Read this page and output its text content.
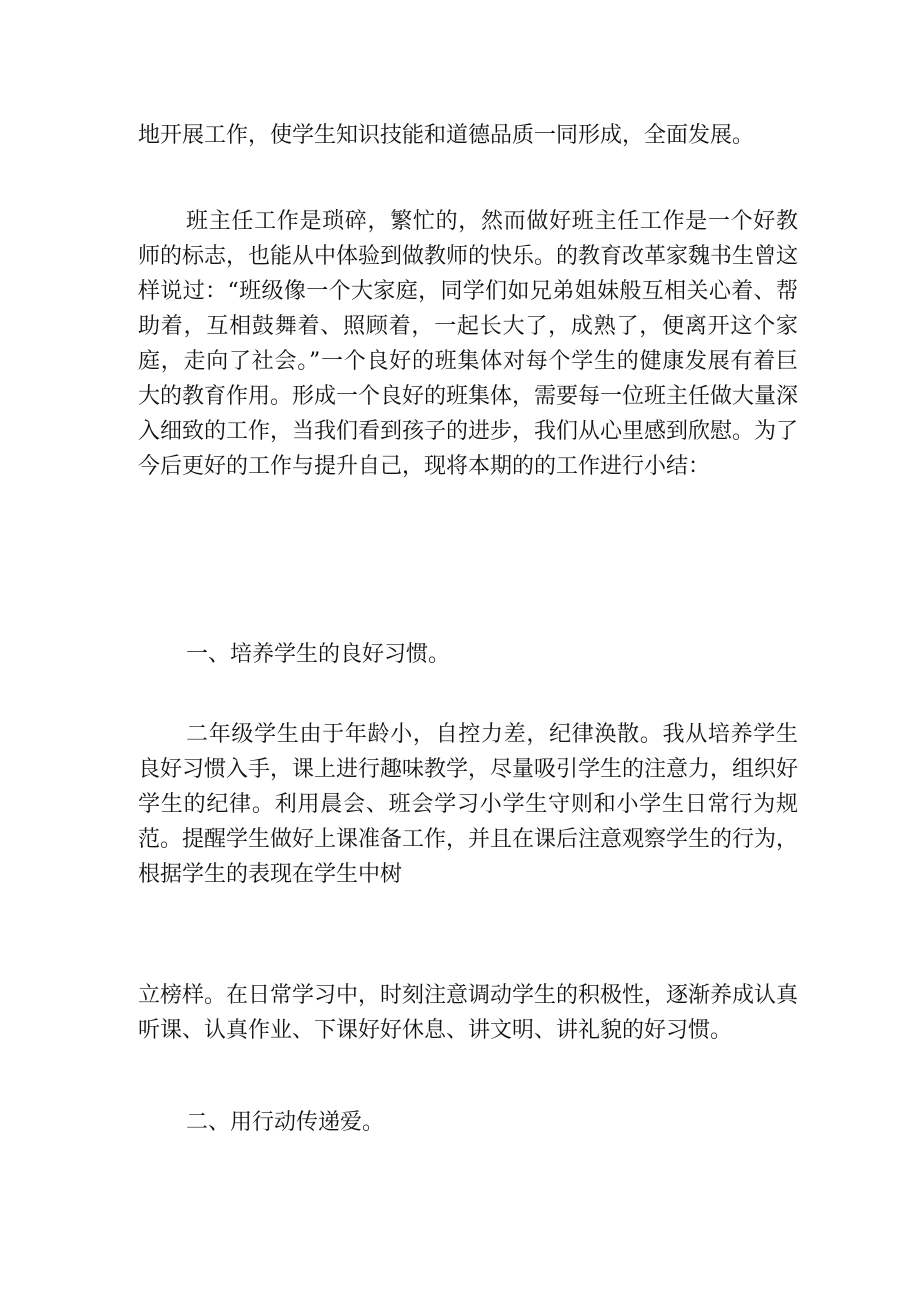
地开展工作，使学生知识技能和道德品质一同形成，全面发展。

班主任工作是琐碎，繁忙的，然而做好班主任工作是一个好教师的标志，也能从中体验到做教师的快乐。的教育改革家魏书生曾这样说过：“班级像一个大家庭，同学们如兄弟姐妹般互相关心着、帮助着，互相鼓舞着、照顾着，一起长大了，成熟了，便离开这个家庭，走向了社会。”一个良好的班集体对每个学生的健康发展有着巨大的教育作用。形成一个良好的班集体，需要每一位班主任做大量深入细致的工作，当我们看到孩子的进步，我们从心里感到欣慰。为了今后更好的工作与提升自己，现将本期的的工作进行小结：

一、培养学生的良好习惯。

二年级学生由于年龄小，自控力差，纪律涣散。我从培养学生良好习惯入手，课上进行趣味教学，尽量吸引学生的注意力，组织好学生的纪律。利用晨会、班会学习小学生守则和小学生日常行为规范。提醒学生做好上课准备工作，并且在课后注意观察学生的行为，根据学生的表现在学生中树

立榜样。在日常学习中，时刻注意调动学生的积极性，逐渐养成认真听课、认真作业、下课好好休息、讲文明、讲礼貌的好习惯。

二、用行动传递爱。
